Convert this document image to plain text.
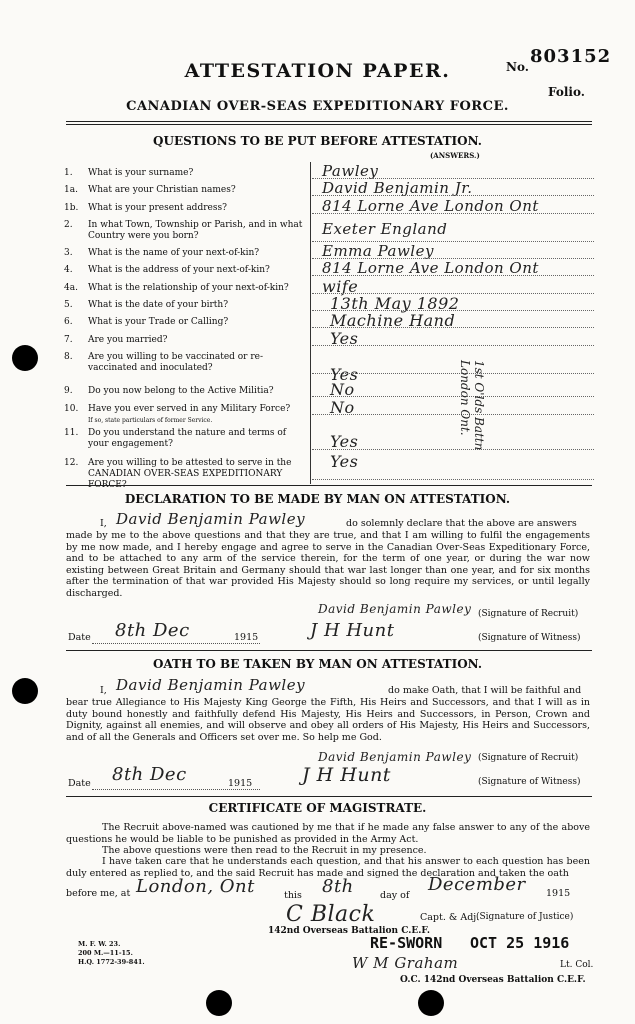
ATTESTATION PAPER.	No. 803152
Folio.
CANADIAN OVER-SEAS EXPEDITIONARY FORCE.
QUESTIONS TO BE PUT BEFORE ATTESTATION.
(ANSWERS.)
1.	What is your surname?	Pawley
1a.	What are your Christian names?	David Benjamin Jr.
1b.	What is your present address?	814 Lorne Ave London Ont
2.	In what Town, Township or Parish, and in what Country were you born?	Exeter England
3.	What is the name of your next-of-kin?	Emma Pawley
4.	What is the address of your next-of-kin?	814 Lorne Ave London Ont
4a.	What is the relationship of your next-of-kin?	wife
5.	What is the date of your birth?	13th May 1892
6.	What is your Trade or Calling?	Machine Hand
7.	Are you married?	Yes
8.	Are you willing to be vaccinated or re-vaccinated and inoculated?	Yes
9.	Do you now belong to the Active Militia?	No
10.	Have you ever served in any Military Force?
If so, state particulars of former Service.
No
11.	Do you understand the nature and terms of your engagement?	Yes
12.	Are you willing to be attested to serve in the CANADIAN OVER-SEAS EXPEDITIONARY FORCE?
Yes
1st O'lds Battn London Ont.
DECLARATION TO BE MADE BY MAN ON ATTESTATION.
I, David Benjamin Pawley	do solemnly declare that the above are answers
made by me to the above questions and that they are true, and that I am willing to fulfil the engagements by me now made, and I hereby engage and agree to serve in the Canadian Over-Seas Expeditionary Force, and to be attached to any arm of the service therein, for the term of one year, or during the war now existing between Great Britain and Germany should that war last longer than one year, and for six months after the termination of that war provided His Majesty should so long require my services, or until legally discharged.
David Benjamin Pawley (Signature of Recruit)
Date 8th Dec	1915	J H Hunt	(Signature of Witness)
OATH TO BE TAKEN BY MAN ON ATTESTATION.
I, David Benjamin Pawley	do make Oath, that I will be faithful and
bear true Allegiance to His Majesty King George the Fifth, His Heirs and Successors, and that I will as in duty bound honestly and faithfully defend His Majesty, His Heirs and Successors, in Person, Crown and Dignity, against all enemies, and will observe and obey all orders of His Majesty, His Heirs and Successors, and of all the Generals and Officers set over me. So help me God.
David Benjamin Pawley (Signature of Recruit)
Date 8th Dec	1915	J H Hunt	(Signature of Witness)
CERTIFICATE OF MAGISTRATE.
The Recruit above-named was cautioned by me that if he made any false answer to any of the above questions he would be liable to be punished as provided in the Army Act.
The above questions were then read to the Recruit in my presence.
I have taken care that he understands each question, and that his answer to each question has been duly entered as replied to, and the said Recruit has made and signed the declaration and taken the oath
before me, at London, Ont	this 8th	day of
December 1915
C Black	Capt. & Adj.
(Signature of Justice)
142nd Overseas Battalion C.E.F.
M. F. W. 23.
200 M.—11-15.
H.Q. 1772-39-841.
RE-SWORN OCT 25 1916
W M Graham	Lt. Col.
O.C. 142nd Overseas Battalion C.E.F.
